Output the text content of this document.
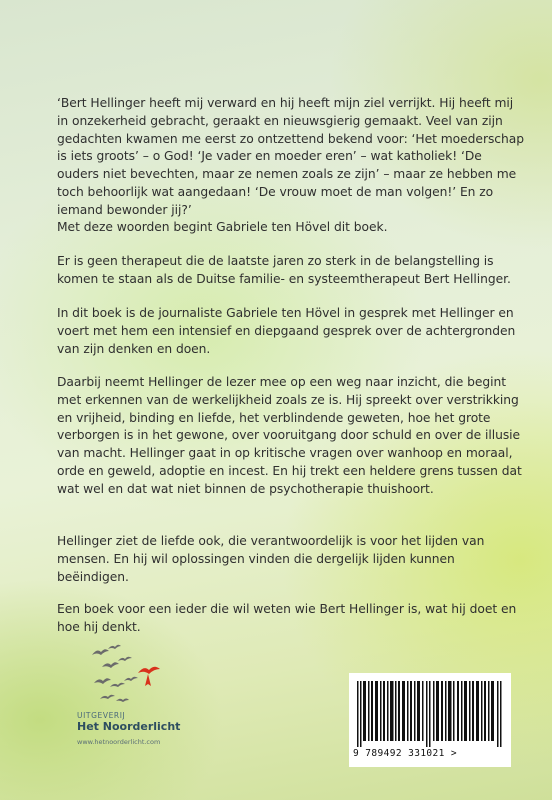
‘Bert Hellinger heeft mij verward en hij heeft mijn ziel verrijkt. Hij heeft mij in onzekerheid gebracht, geraakt en nieuwsgierig gemaakt. Veel van zijn gedachten kwamen me eerst zo ontzettend bekend voor: ‘Het moederschap is iets groots’ – o God! ‘Je vader en moeder eren’ – wat katholiek! ‘De ouders niet bevechten, maar ze nemen zoals ze zijn’ – maar ze hebben me toch behoorlijk wat aangedaan! ‘De vrouw moet de man volgen!’ En zo iemand bewonder jij?’

Met deze woorden begint Gabriele ten Hövel dit boek.

Er is geen therapeut die de laatste jaren zo sterk in de belangstelling is komen te staan als de Duitse familie- en systeemtherapeut Bert Hellinger.

In dit boek is de journaliste Gabriele ten Hövel in gesprek met Hellinger en voert met hem een intensief en diepgaand gesprek over de achtergronden van zijn denken en doen.

Daarbij neemt Hellinger de lezer mee op een weg naar inzicht, die begint met erkennen van de werkelijkheid zoals ze is. Hij spreekt over verstrikking en vrijheid, binding en liefde, het verblindende geweten, hoe het grote verborgen is in het gewone, over vooruitgang door schuld en over de illusie van macht. Hellinger gaat in op kritische vragen over wanhoop en moraal, orde en geweld, adoptie en incest. En hij trekt een heldere grens tussen dat wat wel en dat wat niet binnen de psychotherapie thuishoort.

Hellinger ziet de liefde ook, die verantwoordelijk is voor het lijden van mensen. En hij wil oplossingen vinden die dergelijk lijden kunnen beëindigen.

Een boek voor een ieder die wil weten wie Bert Hellinger is, wat hij doet en hoe hij denkt.

UITGEVERIJ
Het Noorderlicht
www.hetnoorderlicht.com
9 789492 331021 >
